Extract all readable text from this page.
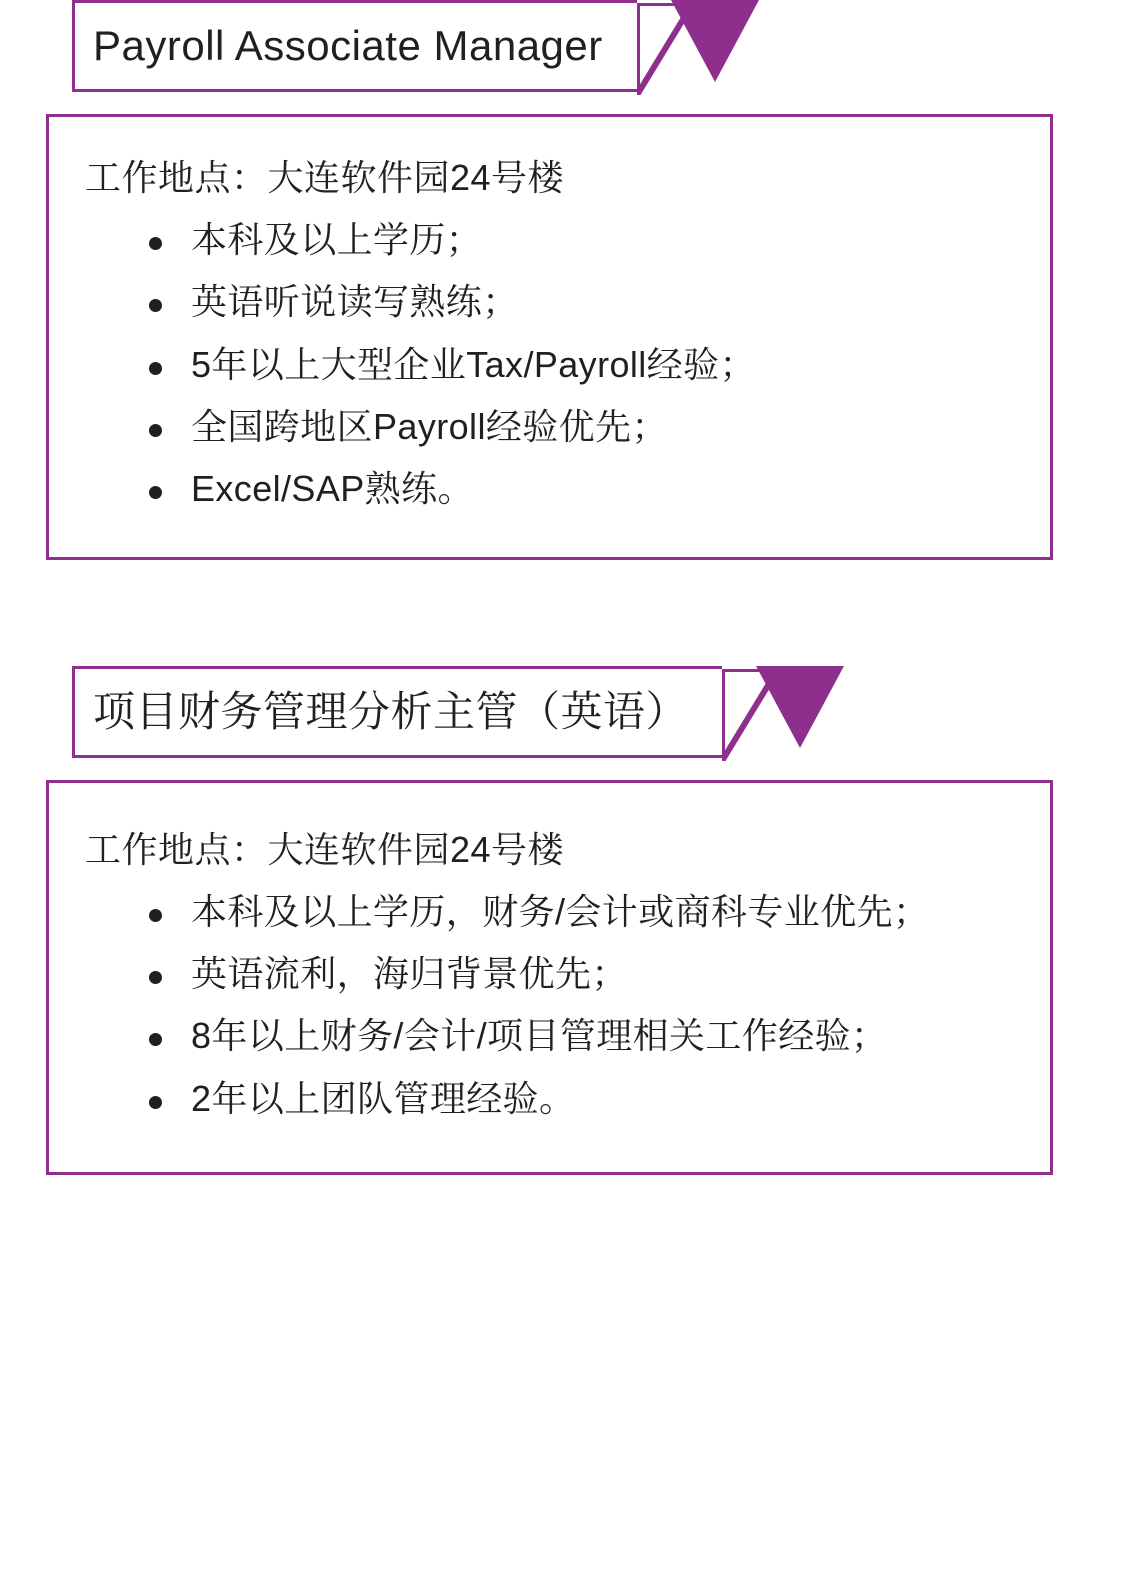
Payroll Associate Manager

工作地点：大连软件园24号楼

本科及以上学历；
英语听说读写熟练；
5年以上大型企业Tax/Payroll经验；
全国跨地区Payroll经验优先；
Excel/SAP熟练。
项目财务管理分析主管（英语）

工作地点：大连软件园24号楼

本科及以上学历，财务/会计或商科专业优先；
英语流利，海归背景优先；
8年以上财务/会计/项目管理相关工作经验；
2年以上团队管理经验。
